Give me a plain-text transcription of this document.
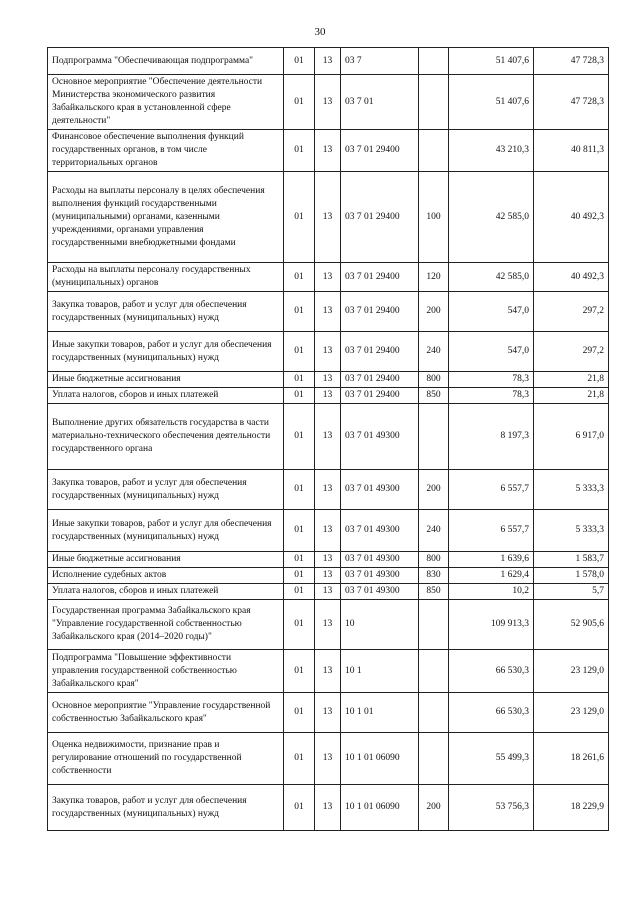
30
Подпрограмма "Обеспечивающая подпрограмма"	01	13	03 7		51 407,6	47 728,3
Основное мероприятие "Обеспечение деятельности Министерства экономического развития Забайкальского края в установленной сфере деятельности"	01	13	03 7 01		51 407,6	47 728,3
Финансовое обеспечение выполнения функций государственных органов, в том числе территориальных органов	01	13	03 7 01 29400		43 210,3	40 811,3
Расходы на выплаты персоналу в целях обеспечения выполнения функций государственными (муниципальными) органами, казенными учреждениями, органами управления государственными внебюджетными фондами	01	13	03 7 01 29400	100	42 585,0	40 492,3
Расходы на выплаты персоналу государственных (муниципальных) органов	01	13	03 7 01 29400	120	42 585,0	40 492,3
Закупка товаров, работ и услуг для обеспечения государственных (муниципальных) нужд	01	13	03 7 01 29400	200	547,0	297,2
Иные закупки товаров, работ и услуг для обеспечения государственных (муниципальных) нужд	01	13	03 7 01 29400	240	547,0	297,2
Иные бюджетные ассигнования	01	13	03 7 01 29400	800	78,3	21,8
Уплата налогов, сборов и иных платежей	01	13	03 7 01 29400	850	78,3	21,8
Выполнение других обязательств государства в части материально-технического обеспечения деятельности государственного органа	01	13	03 7 01 49300		8 197,3	6 917,0
Закупка товаров, работ и услуг для обеспечения государственных (муниципальных) нужд	01	13	03 7 01 49300	200	6 557,7	5 333,3
Иные закупки товаров, работ и услуг для обеспечения государственных (муниципальных) нужд	01	13	03 7 01 49300	240	6 557,7	5 333,3
Иные бюджетные ассигнования	01	13	03 7 01 49300	800	1 639,6	1 583,7
Исполнение судебных актов	01	13	03 7 01 49300	830	1 629,4	1 578,0
Уплата налогов, сборов и иных платежей	01	13	03 7 01 49300	850	10,2	5,7
Государственная программа Забайкальского края "Управление государственной собственностью Забайкальского края (2014–2020 годы)"	01	13	10		109 913,3	52 905,6
Подпрограмма "Повышение эффективности управления государственной собственностью Забайкальского края"	01	13	10 1		66 530,3	23 129,0
Основное мероприятие "Управление государственной собственностью Забайкальского края"	01	13	10 1 01		66 530,3	23 129,0
Оценка недвижимости, признание прав и регулирование отношений по государственной собственности	01	13	10 1 01 06090		55 499,3	18 261,6
Закупка товаров, работ и услуг для обеспечения государственных (муниципальных) нужд	01	13	10 1 01 06090	200	53 756,3	18 229,9
